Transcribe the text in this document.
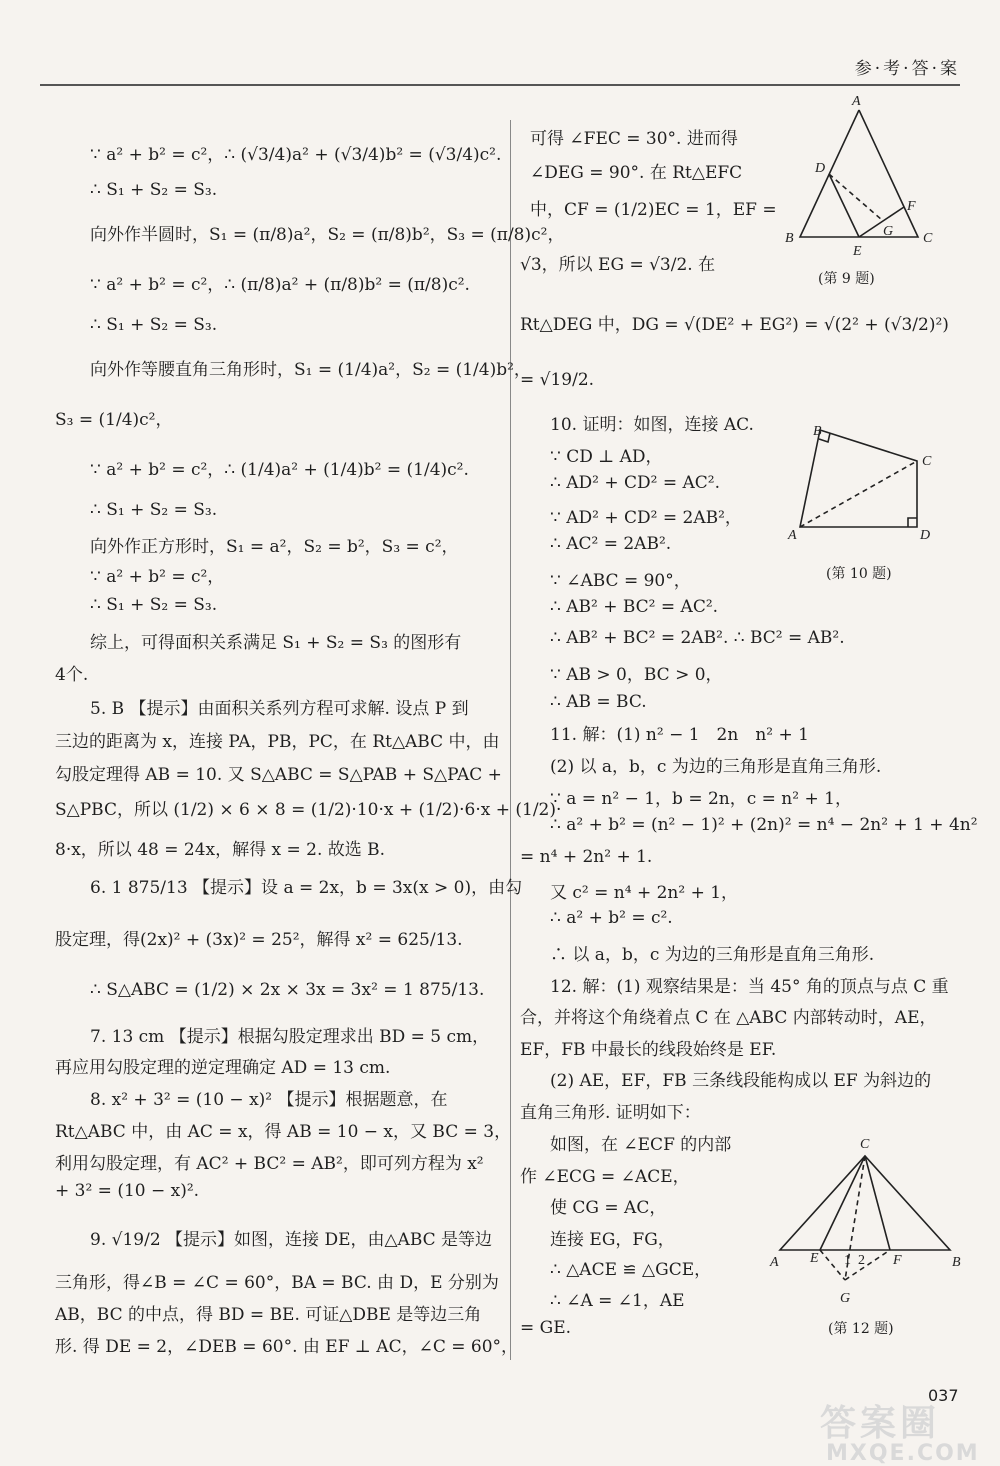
参·考·答·案
∵ a² + b² = c²，∴ (√3/4)a² + (√3/4)b² = (√3/4)c².
∴ S₁ + S₂ = S₃.
向外作半圆时，S₁ = (π/8)a²，S₂ = (π/8)b²，S₃ = (π/8)c²，
∵ a² + b² = c²，∴ (π/8)a² + (π/8)b² = (π/8)c².
∴ S₁ + S₂ = S₃.
向外作等腰直角三角形时，S₁ = (1/4)a²，S₂ = (1/4)b²，
S₃ = (1/4)c²，
∵ a² + b² = c²，∴ (1/4)a² + (1/4)b² = (1/4)c².
∴ S₁ + S₂ = S₃.
向外作正方形时，S₁ = a²，S₂ = b²，S₃ = c²，
∵ a² + b² = c²，
∴ S₁ + S₂ = S₃.
综上，可得面积关系满足 S₁ + S₂ = S₃ 的图形有
4个.
5. B 【提示】由面积关系列方程可求解. 设点 P 到
三边的距离为 x，连接 PA，PB，PC，在 Rt△ABC 中，由
勾股定理得 AB = 10. 又 S△ABC = S△PAB + S△PAC +
S△PBC，所以 (1/2) × 6 × 8 = (1/2)·10·x + (1/2)·6·x + (1/2)·
8·x，所以 48 = 24x，解得 x = 2. 故选 B.
6. 1 875/13 【提示】设 a = 2x，b = 3x(x > 0)，由勾
股定理，得(2x)² + (3x)² = 25²，解得 x² = 625/13.
∴ S△ABC = (1/2) × 2x × 3x = 3x² = 1 875/13.
7. 13 cm 【提示】根据勾股定理求出 BD = 5 cm，
再应用勾股定理的逆定理确定 AD = 13 cm.
8. x² + 3² = (10 − x)² 【提示】根据题意，在
Rt△ABC 中，由 AC = x，得 AB = 10 − x，又 BC = 3，
利用勾股定理，有 AC² + BC² = AB²，即可列方程为 x²
+ 3² = (10 − x)².
9. √19/2 【提示】如图，连接 DE，由△ABC 是等边
三角形，得∠B = ∠C = 60°，BA = BC. 由 D，E 分别为
AB，BC 的中点，得 BD = BE. 可证△DBE 是等边三角
形. 得 DE = 2，∠DEB = 60°. 由 EF ⊥ AC，∠C = 60°，
可得 ∠FEC = 30°. 进而得
∠DEG = 90°. 在 Rt△EFC
中，CF = (1/2)EC = 1，EF =
√3，所以 EG = √3/2. 在
Rt△DEG 中，DG = √(DE² + EG²) = √(2² + (√3/2)²)
= √19/2.
10. 证明：如图，连接 AC.
∵ CD ⊥ AD，
∴ AD² + CD² = AC².
∵ AD² + CD² = 2AB²，
∴ AC² = 2AB².
∵ ∠ABC = 90°，
∴ AB² + BC² = AC².
∴ AB² + BC² = 2AB². ∴ BC² = AB².
∵ AB > 0，BC > 0，
∴ AB = BC.
11. 解：(1) n² − 1　2n　n² + 1
(2) 以 a，b，c 为边的三角形是直角三角形.
∵ a = n² − 1，b = 2n，c = n² + 1，
∴ a² + b² = (n² − 1)² + (2n)² = n⁴ − 2n² + 1 + 4n²
= n⁴ + 2n² + 1.
又 c² = n⁴ + 2n² + 1，
∴ a² + b² = c².
∴ 以 a，b，c 为边的三角形是直角三角形.
12. 解：(1) 观察结果是：当 45° 角的顶点与点 C 重
合，并将这个角绕着点 C 在 △ABC 内部转动时，AE，
EF，FB 中最长的线段始终是 EF.
(2) AE，EF，FB 三条线段能构成以 EF 为斜边的
直角三角形. 证明如下：
如图，在 ∠ECF 的内部
作 ∠ECG = ∠ACE，
使 CG = AC，
连接 EG，FG，
∴ △ACE ≌ △GCE，
∴ ∠A = ∠1，AE
= GE.
A
B	C
D
E
F
G
(第 9 题)
B
C
A	D
(第 10 题)
C
A	B
E	F
G
1 2
(第 12 题)
答案圈
MXQE.COM
037
